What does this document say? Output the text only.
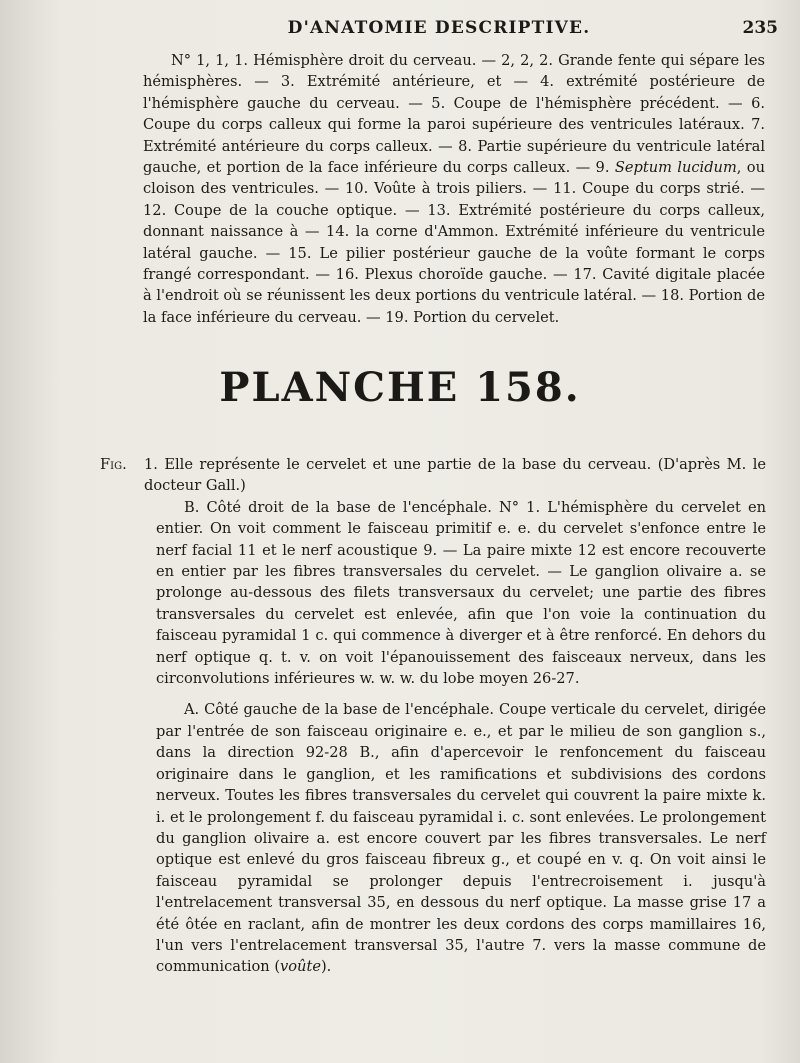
D'ANATOMIE DESCRIPTIVE.	235

N° 1, 1, 1. Hémisphère droit du cerveau. — 2, 2, 2. Grande fente qui sépare les hémisphères. — 3. Extrémité antérieure, et — 4. extrémité postérieure de l'hémisphère gauche du cerveau. — 5. Coupe de l'hémisphère précédent. — 6. Coupe du corps calleux qui forme la paroi supérieure des ventricules latéraux. 7. Extrémité antérieure du corps calleux. — 8. Partie supérieure du ventricule latéral gauche, et portion de la face inférieure du corps calleux. — 9. Septum lucidum, ou cloison des ventricules. — 10. Voûte à trois piliers. — 11. Coupe du corps strié. — 12. Coupe de la couche optique. — 13. Extrémité postérieure du corps calleux, donnant naissance à — 14. la corne d'Ammon. Extrémité inférieure du ventricule latéral gauche. — 15. Le pilier postérieur gauche de la voûte formant le corps frangé correspondant. — 16. Plexus choroïde gauche. — 17. Cavité digitale placée à l'endroit où se réunissent les deux portions du ventricule latéral. — 18. Portion de la face inférieure du cerveau. — 19. Portion du cervelet.

PLANCHE 158.
Fig.	1. Elle représente le cervelet et une partie de la base du cerveau. (D'après M. le docteur Gall.)

B. Côté droit de la base de l'encéphale. N° 1. L'hémisphère du cervelet en entier. On voit comment le faisceau primitif e. e. du cervelet s'enfonce entre le nerf facial 11 et le nerf acoustique 9. — La paire mixte 12 est encore recouverte en entier par les fibres transversales du cervelet. — Le ganglion olivaire a. se prolonge au-dessous des filets transversaux du cervelet; une partie des fibres transversales du cervelet est enlevée, afin que l'on voie la continuation du faisceau pyramidal 1 c. qui commence à diverger et à être renforcé. En dehors du nerf optique q. t. v. on voit l'épanouissement des faisceaux nerveux, dans les circonvolutions inférieures w. w. w. du lobe moyen 26-27.

A. Côté gauche de la base de l'encéphale. Coupe verticale du cervelet, dirigée par l'entrée de son faisceau originaire e. e., et par le milieu de son ganglion s., dans la direction 92-28 B., afin d'apercevoir le renfoncement du faisceau originaire dans le ganglion, et les ramifications et subdivisions des cordons nerveux. Toutes les fibres transversales du cervelet qui couvrent la paire mixte k. i. et le prolongement f. du faisceau pyramidal i. c. sont enlevées. Le prolongement du ganglion olivaire a. est encore couvert par les fibres transversales. Le nerf optique est enlevé du gros faisceau fibreux g., et coupé en v. q. On voit ainsi le faisceau pyramidal se prolonger depuis l'entrecroisement i. jusqu'à l'entrelacement transversal 35, en dessous du nerf optique. La masse grise 17 a été ôtée en raclant, afin de montrer les deux cordons des corps mamillaires 16, l'un vers l'entrelacement transversal 35, l'autre 7. vers la masse commune de communication (voûte).
